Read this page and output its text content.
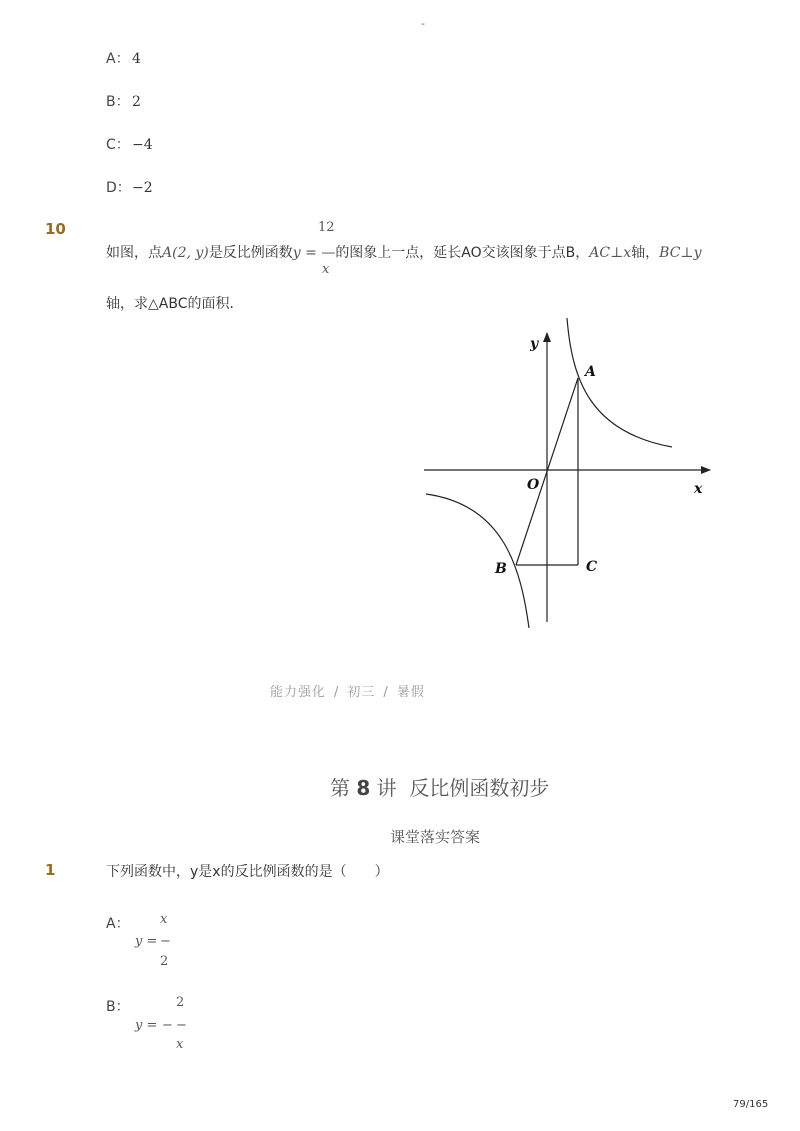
-
A： 4
B： 2
C： −4
D：−2
10	12
x
如图，点A(2, y)是反比例函数y = —的图象上一点，延长AO交该图象于点B，AC⊥x轴，BC⊥y
轴，求△ABC的面积．
y
x
O
A
B	C
能力强化 / 初三 / 暑假
第 8 讲 反比例函数初步
课堂落实答案
1	下列函数中，y是x的反比例函数的是（　　）
A： x
y = −
2
B：	2
y = − −
x
79/165
